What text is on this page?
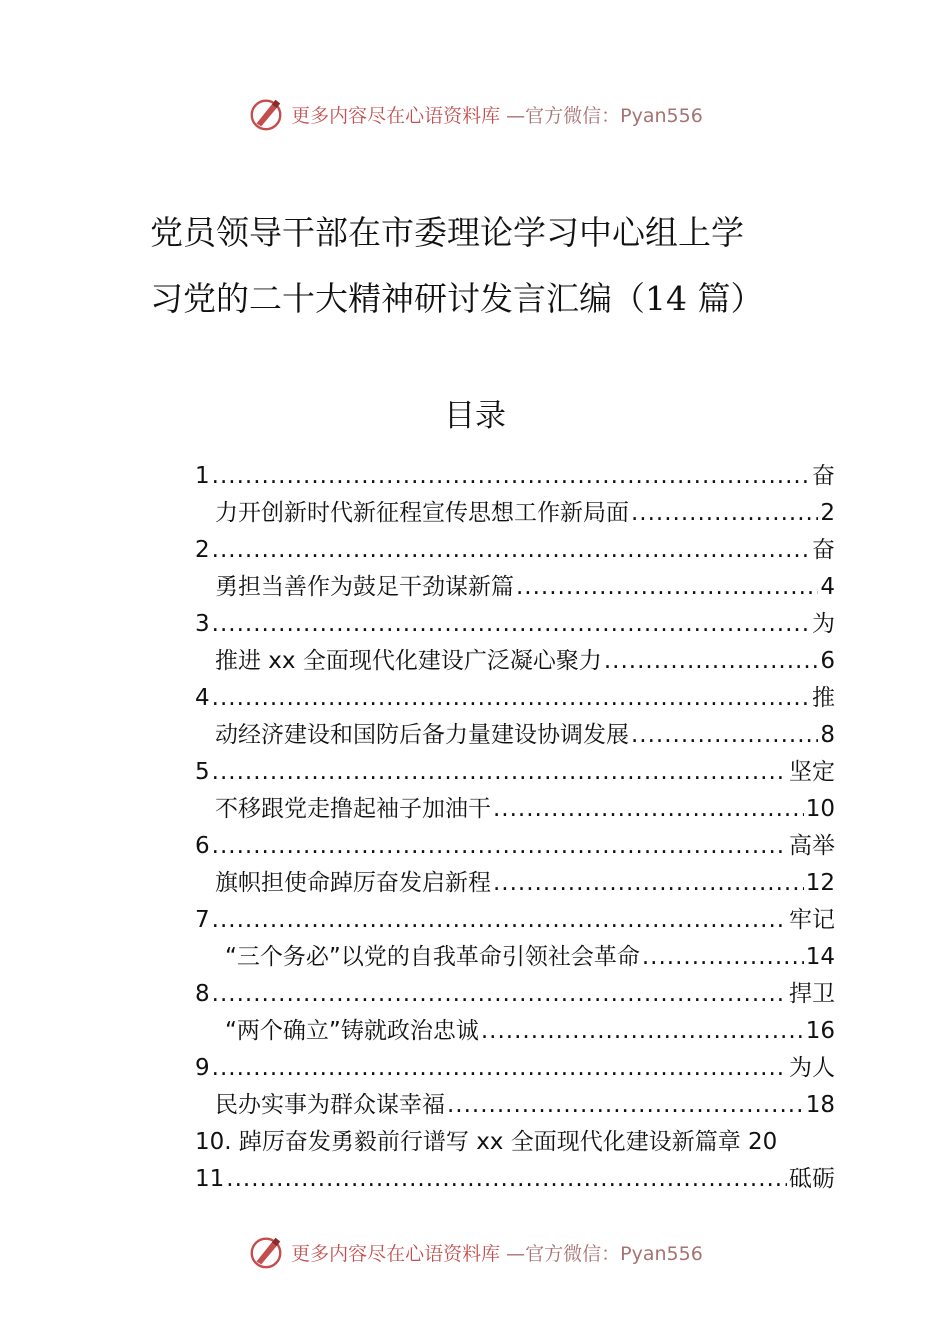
更多内容尽在心语资料库 —官方微信：Pyan556
党员领导干部在市委理论学习中心组上学
习党的二十大精神研讨发言汇编（14 篇）
目录
1 .....	奋
力开创新时代新征程宣传思想工作新局面 .....	2
2 .....	奋
勇担当善作为鼓足干劲谋新篇 .....	4
3 .....	为
推进 xx 全面现代化建设广泛凝心聚力 .....	6
4 .....	推
动经济建设和国防后备力量建设协调发展 .....	8
5 .....	坚定
不移跟党走撸起袖子加油干 .....	10
6 .....	高举
旗帜担使命踔厉奋发启新程 .....	12
7 .....	牢记
“三个务必”以党的自我革命引领社会革命 .....	14
8 .....	捍卫
“两个确立”铸就政治忠诚 .....	16
9 .....	为人
民办实事为群众谋幸福 .....	18
10. 踔厉奋发勇毅前行谱写 xx 全面现代化建设新篇章 20
11 .....	砥砺
更多内容尽在心语资料库 —官方微信：Pyan556
